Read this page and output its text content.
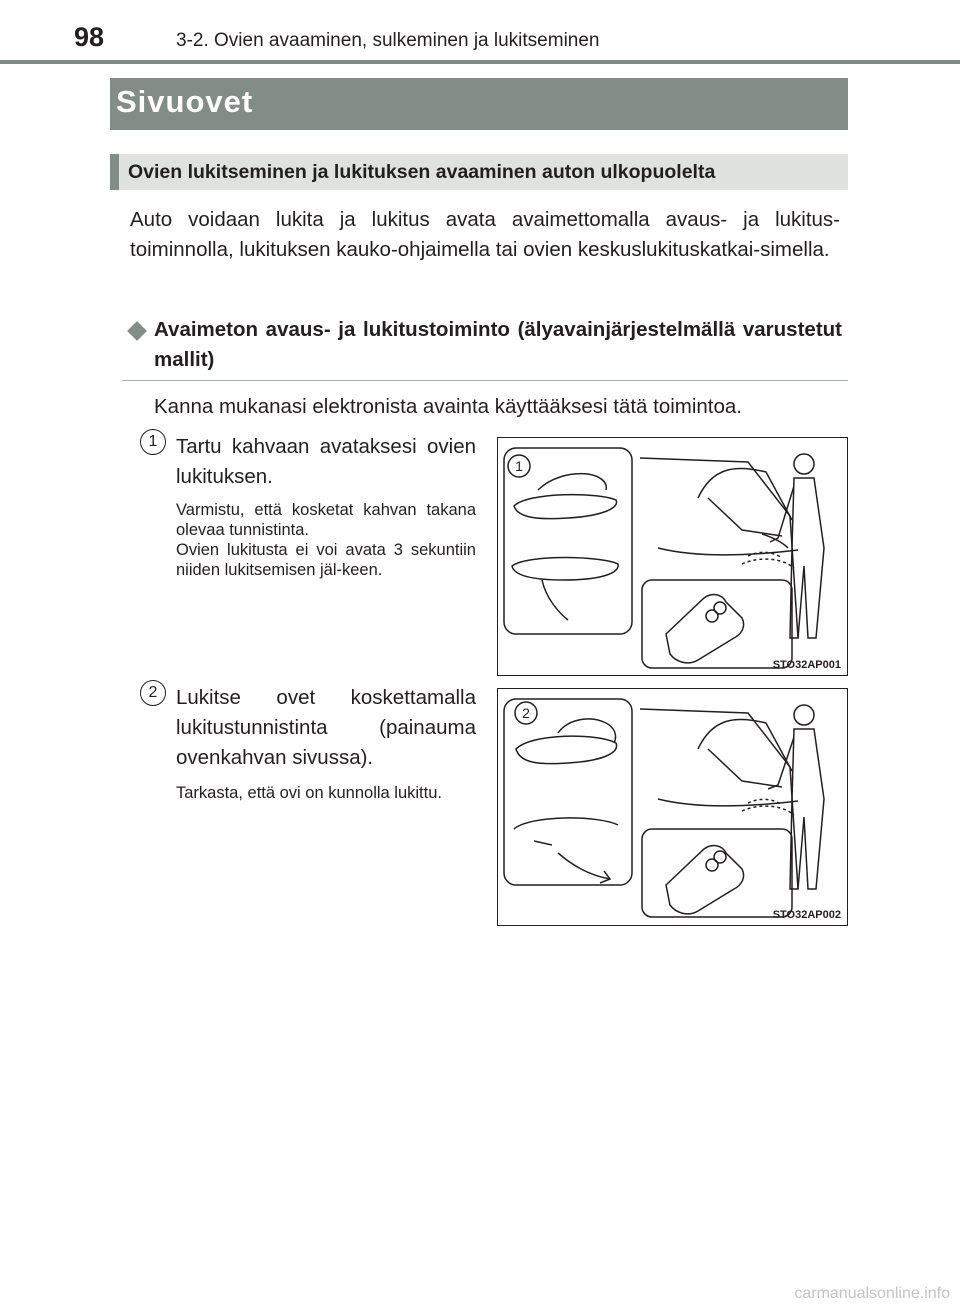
98	3-2. Ovien avaaminen, sulkeminen ja lukitseminen
Sivuovet
Ovien lukitseminen ja lukituksen avaaminen auton ulkopuolelta
Auto voidaan lukita ja lukitus avata avaimettomalla avaus- ja lukitus-toiminnolla, lukituksen kauko-ohjaimella tai ovien keskuslukituskatkai-simella.
Avaimeton avaus- ja lukitustoiminto (älyavainjärjestelmällä varustetut mallit)
Kanna mukanasi elektronista avainta käyttääksesi tätä toimintoa.
1 Tartu kahvaan avataksesi ovien lukituksen.
Varmistu, että kosketat kahvan takana olevaa tunnistinta.
Ovien lukitusta ei voi avata 3 sekuntiin niiden lukitsemisen jäl-keen.
1
STO32AP001
2 Lukitse ovet koskettamalla lukitustunnistinta (painauma ovenkahvan sivussa).
Tarkasta, että ovi on kunnolla lukittu.
2
STO32AP002
carmanualsonline.info
